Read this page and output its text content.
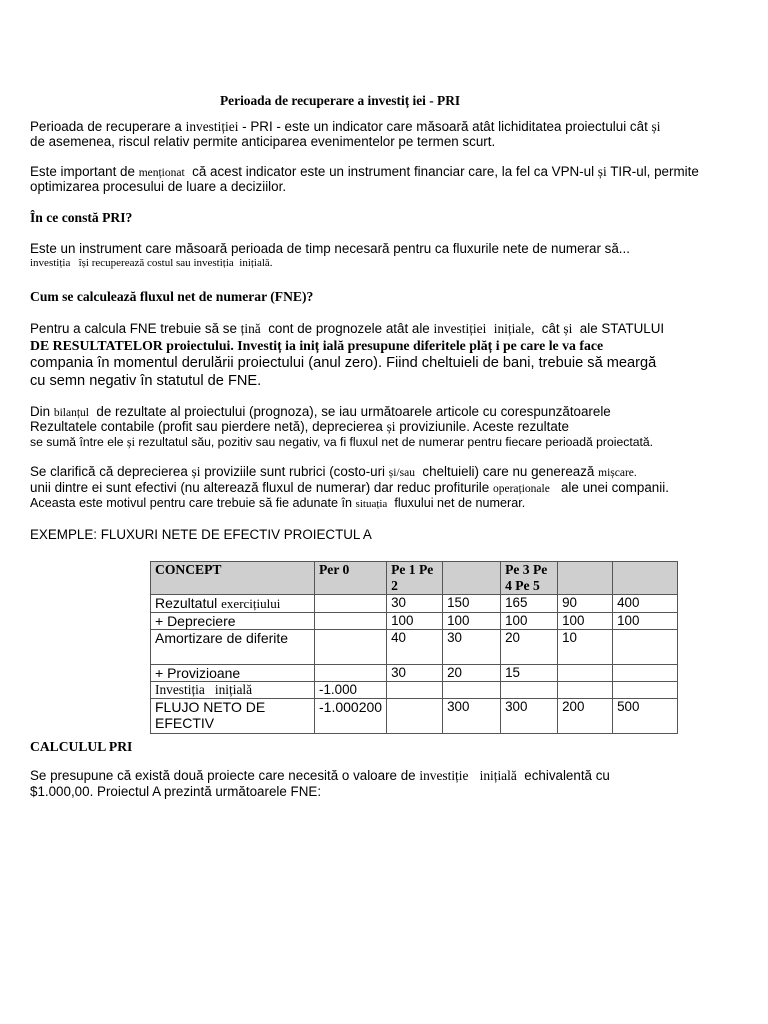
Perioada de recuperare a investiț iei - PRI
Perioada de recuperare a investiției - PRI - este un indicator care măsoară atât lichiditatea proiectului cât și
de asemenea, riscul relativ permite anticiparea evenimentelor pe termen scurt.
Este important de menționat că acest indicator este un instrument financiar care, la fel ca VPN-ul și TIR-ul, permite
optimizarea procesului de luare a deciziilor.
În ce constă PRI?
Este un instrument care măsoară perioada de timp necesară pentru ca fluxurile nete de numerar să...
investiția își recuperează costul sau investiția inițială.
Cum se calculează fluxul net de numerar (FNE)?
Pentru a calcula FNE trebuie să se țină cont de prognozele atât ale investiției inițiale, cât și ale STATULUI
DE RESULTATELOR proiectului. Investiț ia iniț ială presupune diferitele plăț i pe care le va face
compania în momentul derulării proiectului (anul zero). Fiind cheltuieli de bani, trebuie să meargă
cu semn negativ în statutul de FNE.
Din bilanțul de rezultate al proiectului (prognoza), se iau următoarele articole cu corespunzătoarele
Rezultatele contabile (profit sau pierdere netă), deprecierea și proviziunile. Aceste rezultate
se sumă între ele și rezultatul său, pozitiv sau negativ, va fi fluxul net de numerar pentru fiecare perioadă proiectată.
Se clarifică că deprecierea și proviziile sunt rubrici (costo-uri și/sau cheltuieli) care nu generează mișcare.
unii dintre ei sunt efectivi (nu alterează fluxul de numerar) dar reduc profiturile operaționale ale unei companii.
Aceasta este motivul pentru care trebuie să fie adunate în situația fluxului net de numerar.
EXEMPLE: FLUXURI NETE DE EFECTIV PROIECTUL A
CONCEPT	Per 0	Pe 1 Pe 2		Pe 3 Pe 4 Pe 5		
Rezultatul exercițiului		30	150	165	90	400
+ Depreciere		100	100	100	100	100
Amortizare de diferite		40	30	20	10	
+ Provizioane		30	20	15		
Investiția inițială	-1.000					
FLUJO NETO DE EFECTIV	-1.000200		300	300	200	500
CALCULUL PRI
Se presupune că există două proiecte care necesită o valoare de investiție inițială echivalentă cu
$1.000,00. Proiectul A prezintă următoarele FNE:
